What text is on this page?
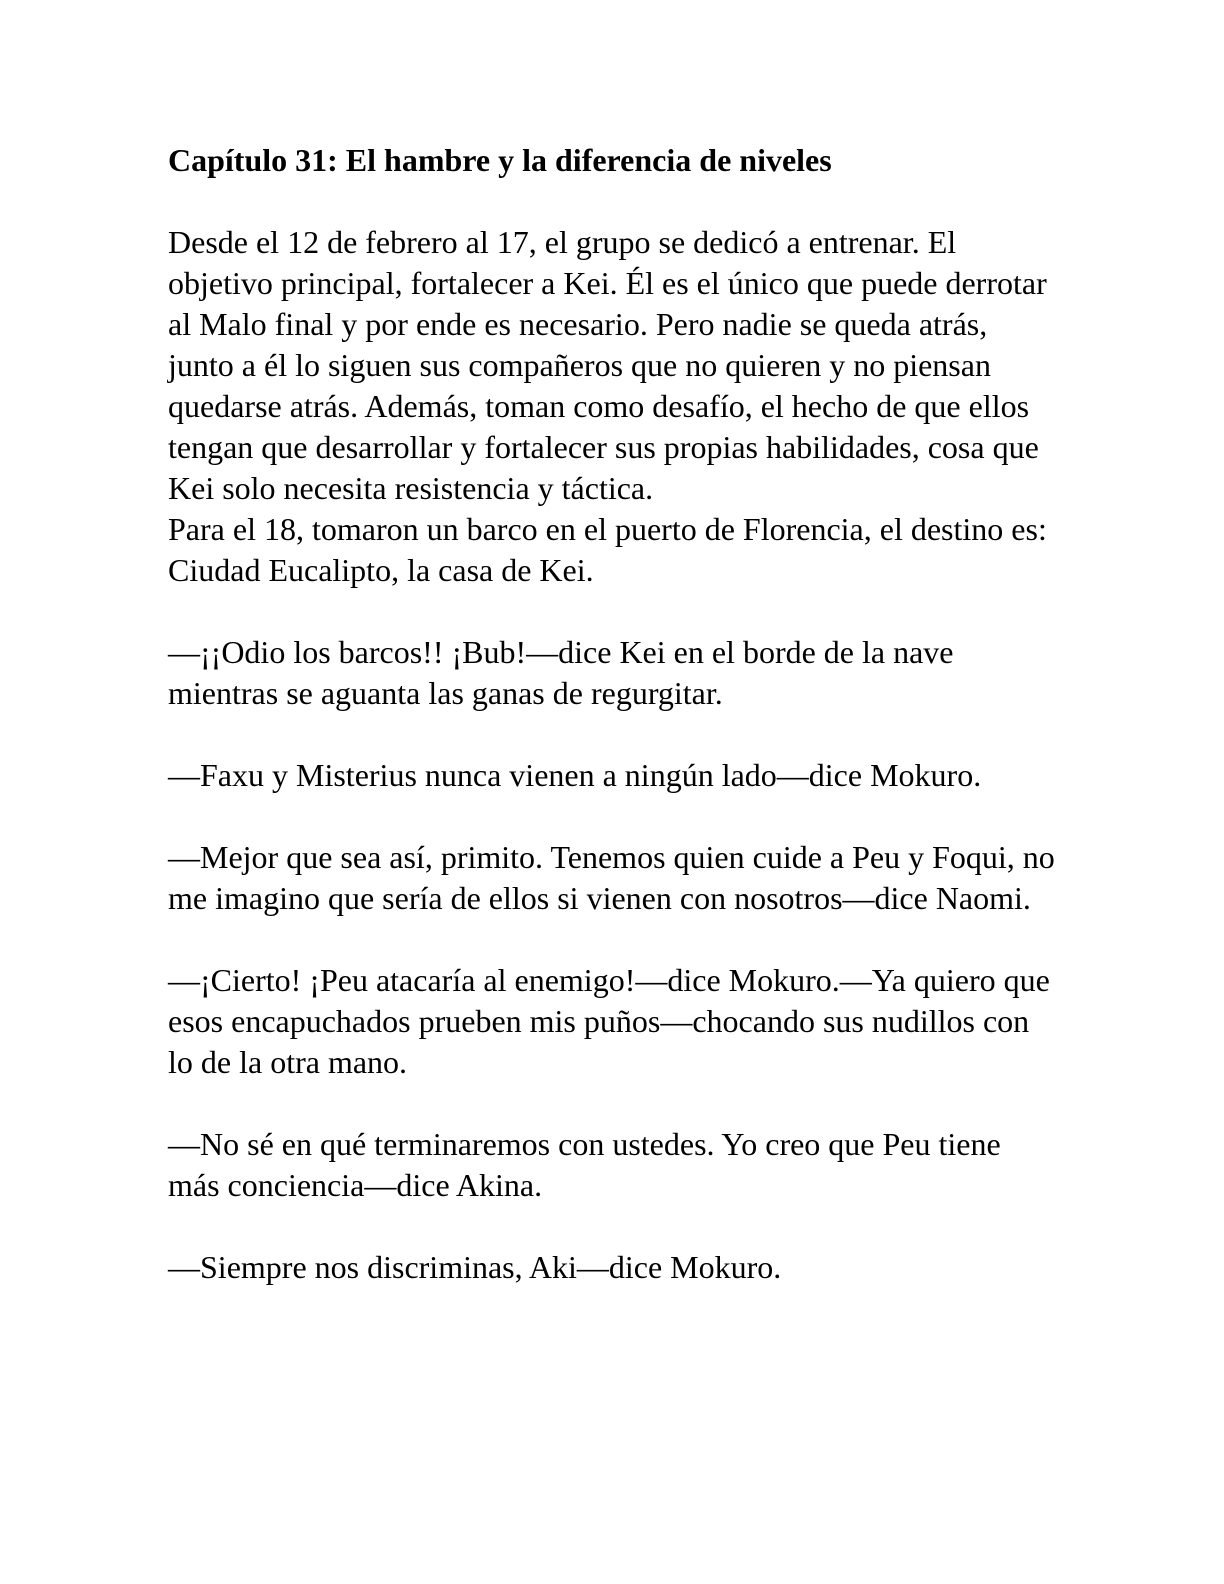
Capítulo 31: El hambre y la diferencia de niveles

Desde el 12 de febrero al 17, el grupo se dedicó a entrenar. El objetivo principal, fortalecer a Kei. Él es el único que puede derrotar al Malo final y por ende es necesario. Pero nadie se queda atrás, junto a él lo siguen sus compañeros que no quieren y no piensan quedarse atrás. Además, toman como desafío, el hecho de que ellos tengan que desarrollar y fortalecer sus propias habilidades, cosa que Kei solo necesita resistencia y táctica.

Para el 18, tomaron un barco en el puerto de Florencia, el destino es: Ciudad Eucalipto, la casa de Kei.

—¡¡Odio los barcos!! ¡Bub!—dice Kei en el borde de la nave mientras se aguanta las ganas de regurgitar.

—Faxu y Misterius nunca vienen a ningún lado—dice Mokuro.

—Mejor que sea así, primito. Tenemos quien cuide a Peu y Foqui, no me imagino que sería de ellos si vienen con nosotros—dice Naomi.

—¡Cierto! ¡Peu atacaría al enemigo!—dice Mokuro.—Ya quiero que esos encapuchados prueben mis puños—chocando sus nudillos con lo de la otra mano.

—No sé en qué terminaremos con ustedes. Yo creo que Peu tiene más conciencia—dice Akina.

—Siempre nos discriminas, Aki—dice Mokuro.
